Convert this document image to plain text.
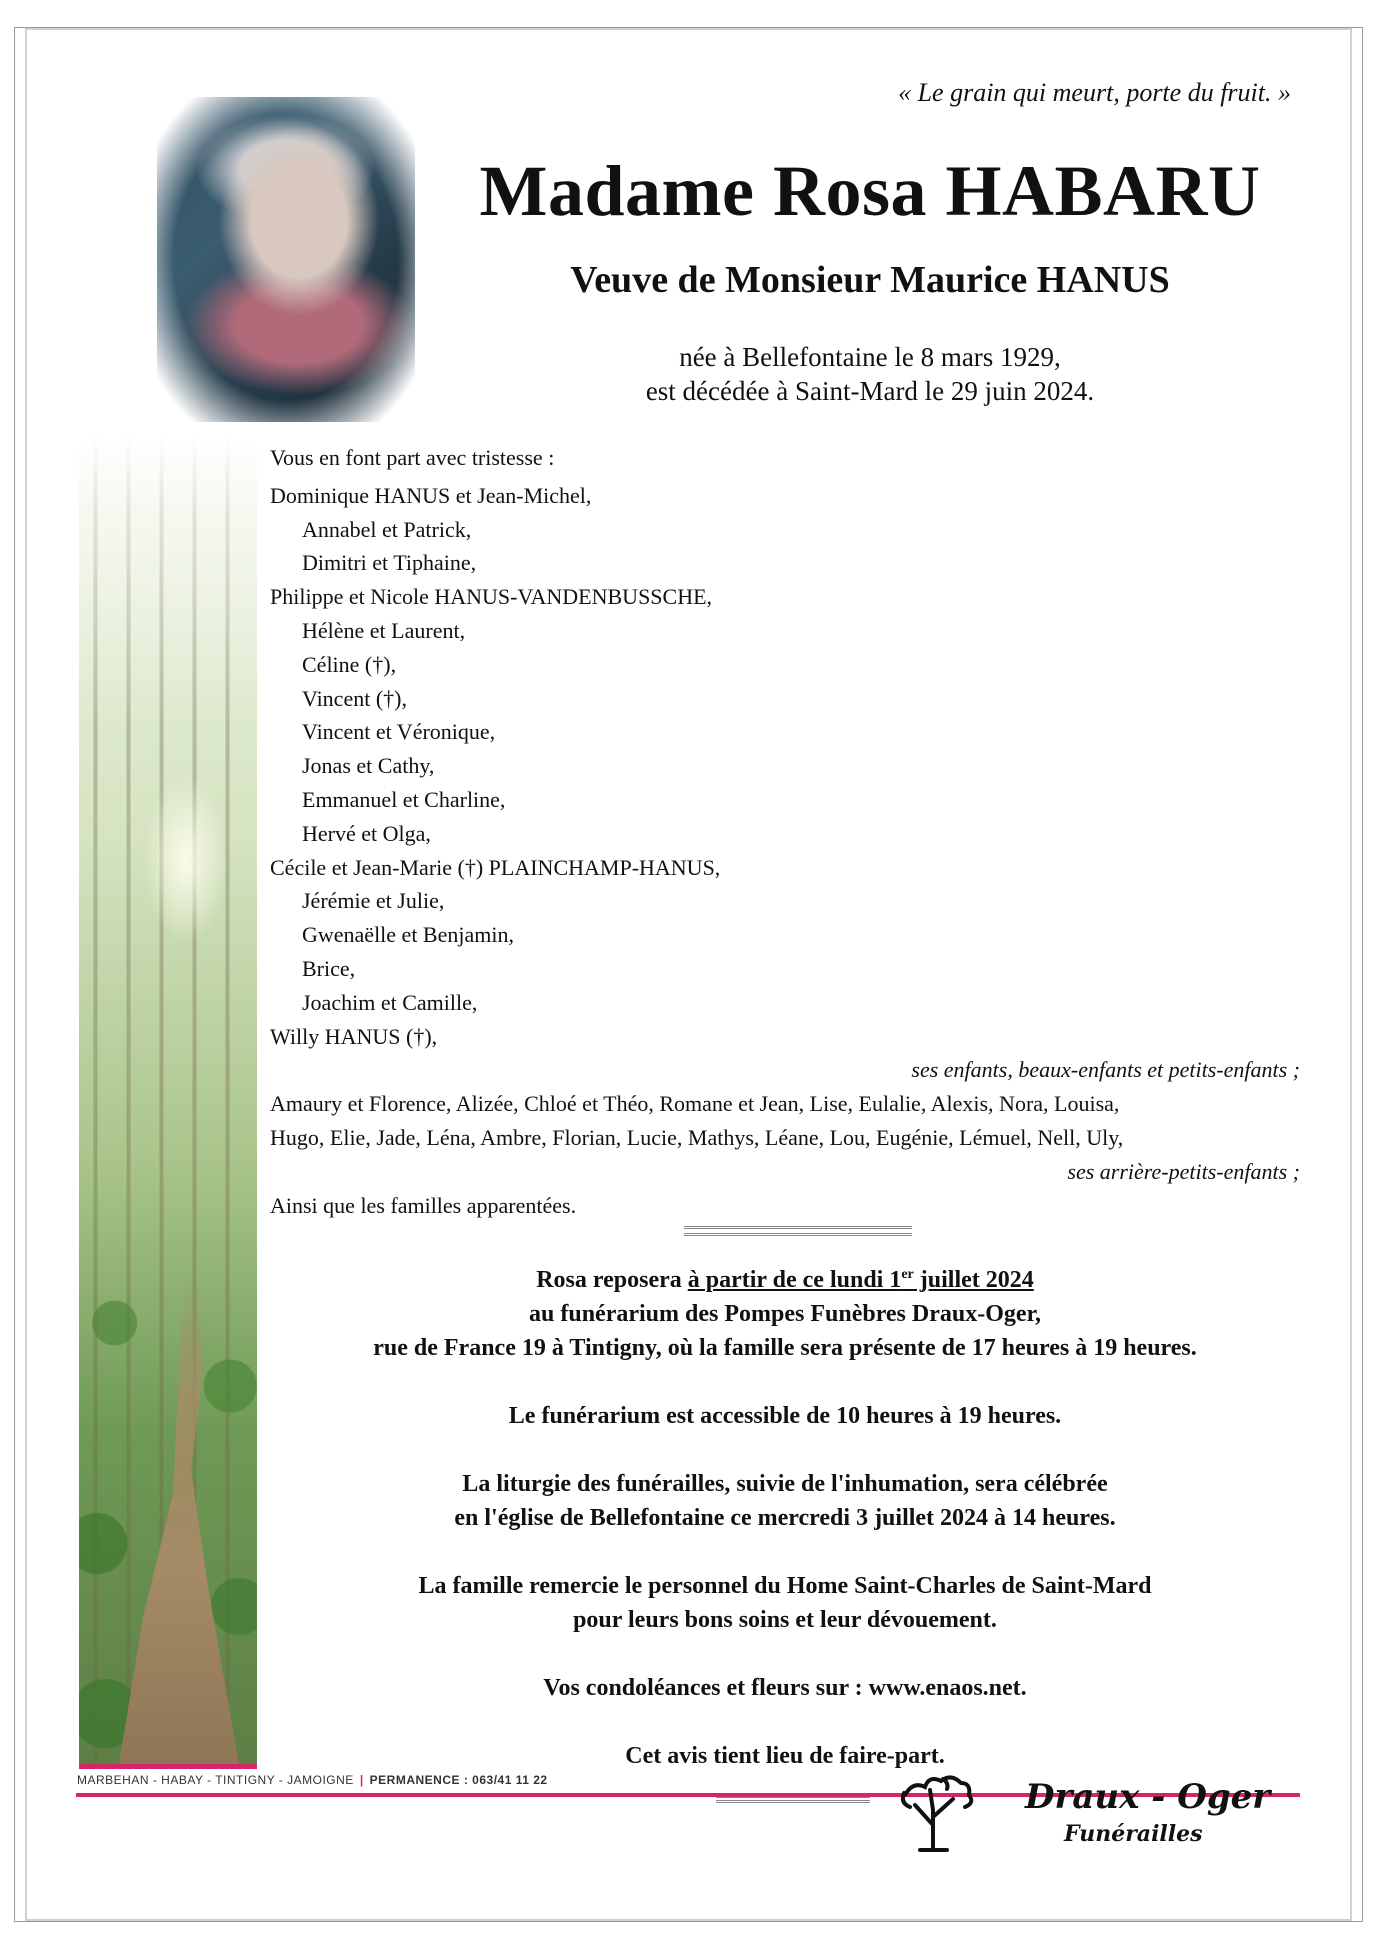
« Le grain qui meurt, porte du fruit. »
Madame Rosa HABARU
Veuve de Monsieur Maurice HANUS
née à Bellefontaine le 8 mars 1929,
est décédée à Saint-Mard le 29 juin 2024.
Vous en font part avec tristesse :
Dominique HANUS et Jean-Michel,
Annabel et Patrick,
Dimitri et Tiphaine,
Philippe et Nicole HANUS-VANDENBUSSCHE,
Hélène et Laurent,
Céline (†),
Vincent (†),
Vincent et Véronique,
Jonas et Cathy,
Emmanuel et Charline,
Hervé et Olga,
Cécile et Jean-Marie (†) PLAINCHAMP-HANUS,
Jérémie et Julie,
Gwenaëlle et Benjamin,
Brice,
Joachim et Camille,
Willy HANUS (†),
ses enfants, beaux-enfants et petits-enfants ;
Amaury et Florence, Alizée, Chloé et Théo, Romane et Jean, Lise, Eulalie, Alexis, Nora, Louisa,
Hugo, Elie, Jade, Léna, Ambre, Florian, Lucie, Mathys, Léane, Lou, Eugénie, Lémuel, Nell, Uly,
ses arrière-petits-enfants ;
Ainsi que les familles apparentées.

Rosa reposera à partir de ce lundi 1er juillet 2024
au funérarium des Pompes Funèbres Draux-Oger,
rue de France 19 à Tintigny, où la famille sera présente de 17 heures à 19 heures.

Le funérarium est accessible de 10 heures à 19 heures.

La liturgie des funérailles, suivie de l'inhumation, sera célébrée
en l'église de Bellefontaine ce mercredi 3 juillet 2024 à 14 heures.

La famille remercie le personnel du Home Saint-Charles de Saint-Mard
pour leurs bons soins et leur dévouement.

Vos condoléances et fleurs sur : www.enaos.net.

Cet avis tient lieu de faire-part.

MARBEHAN - HABAY - TINTIGNY - JAMOIGNE | PERMANENCE : 063/41 11 22	Draux - Oger
Funérailles
